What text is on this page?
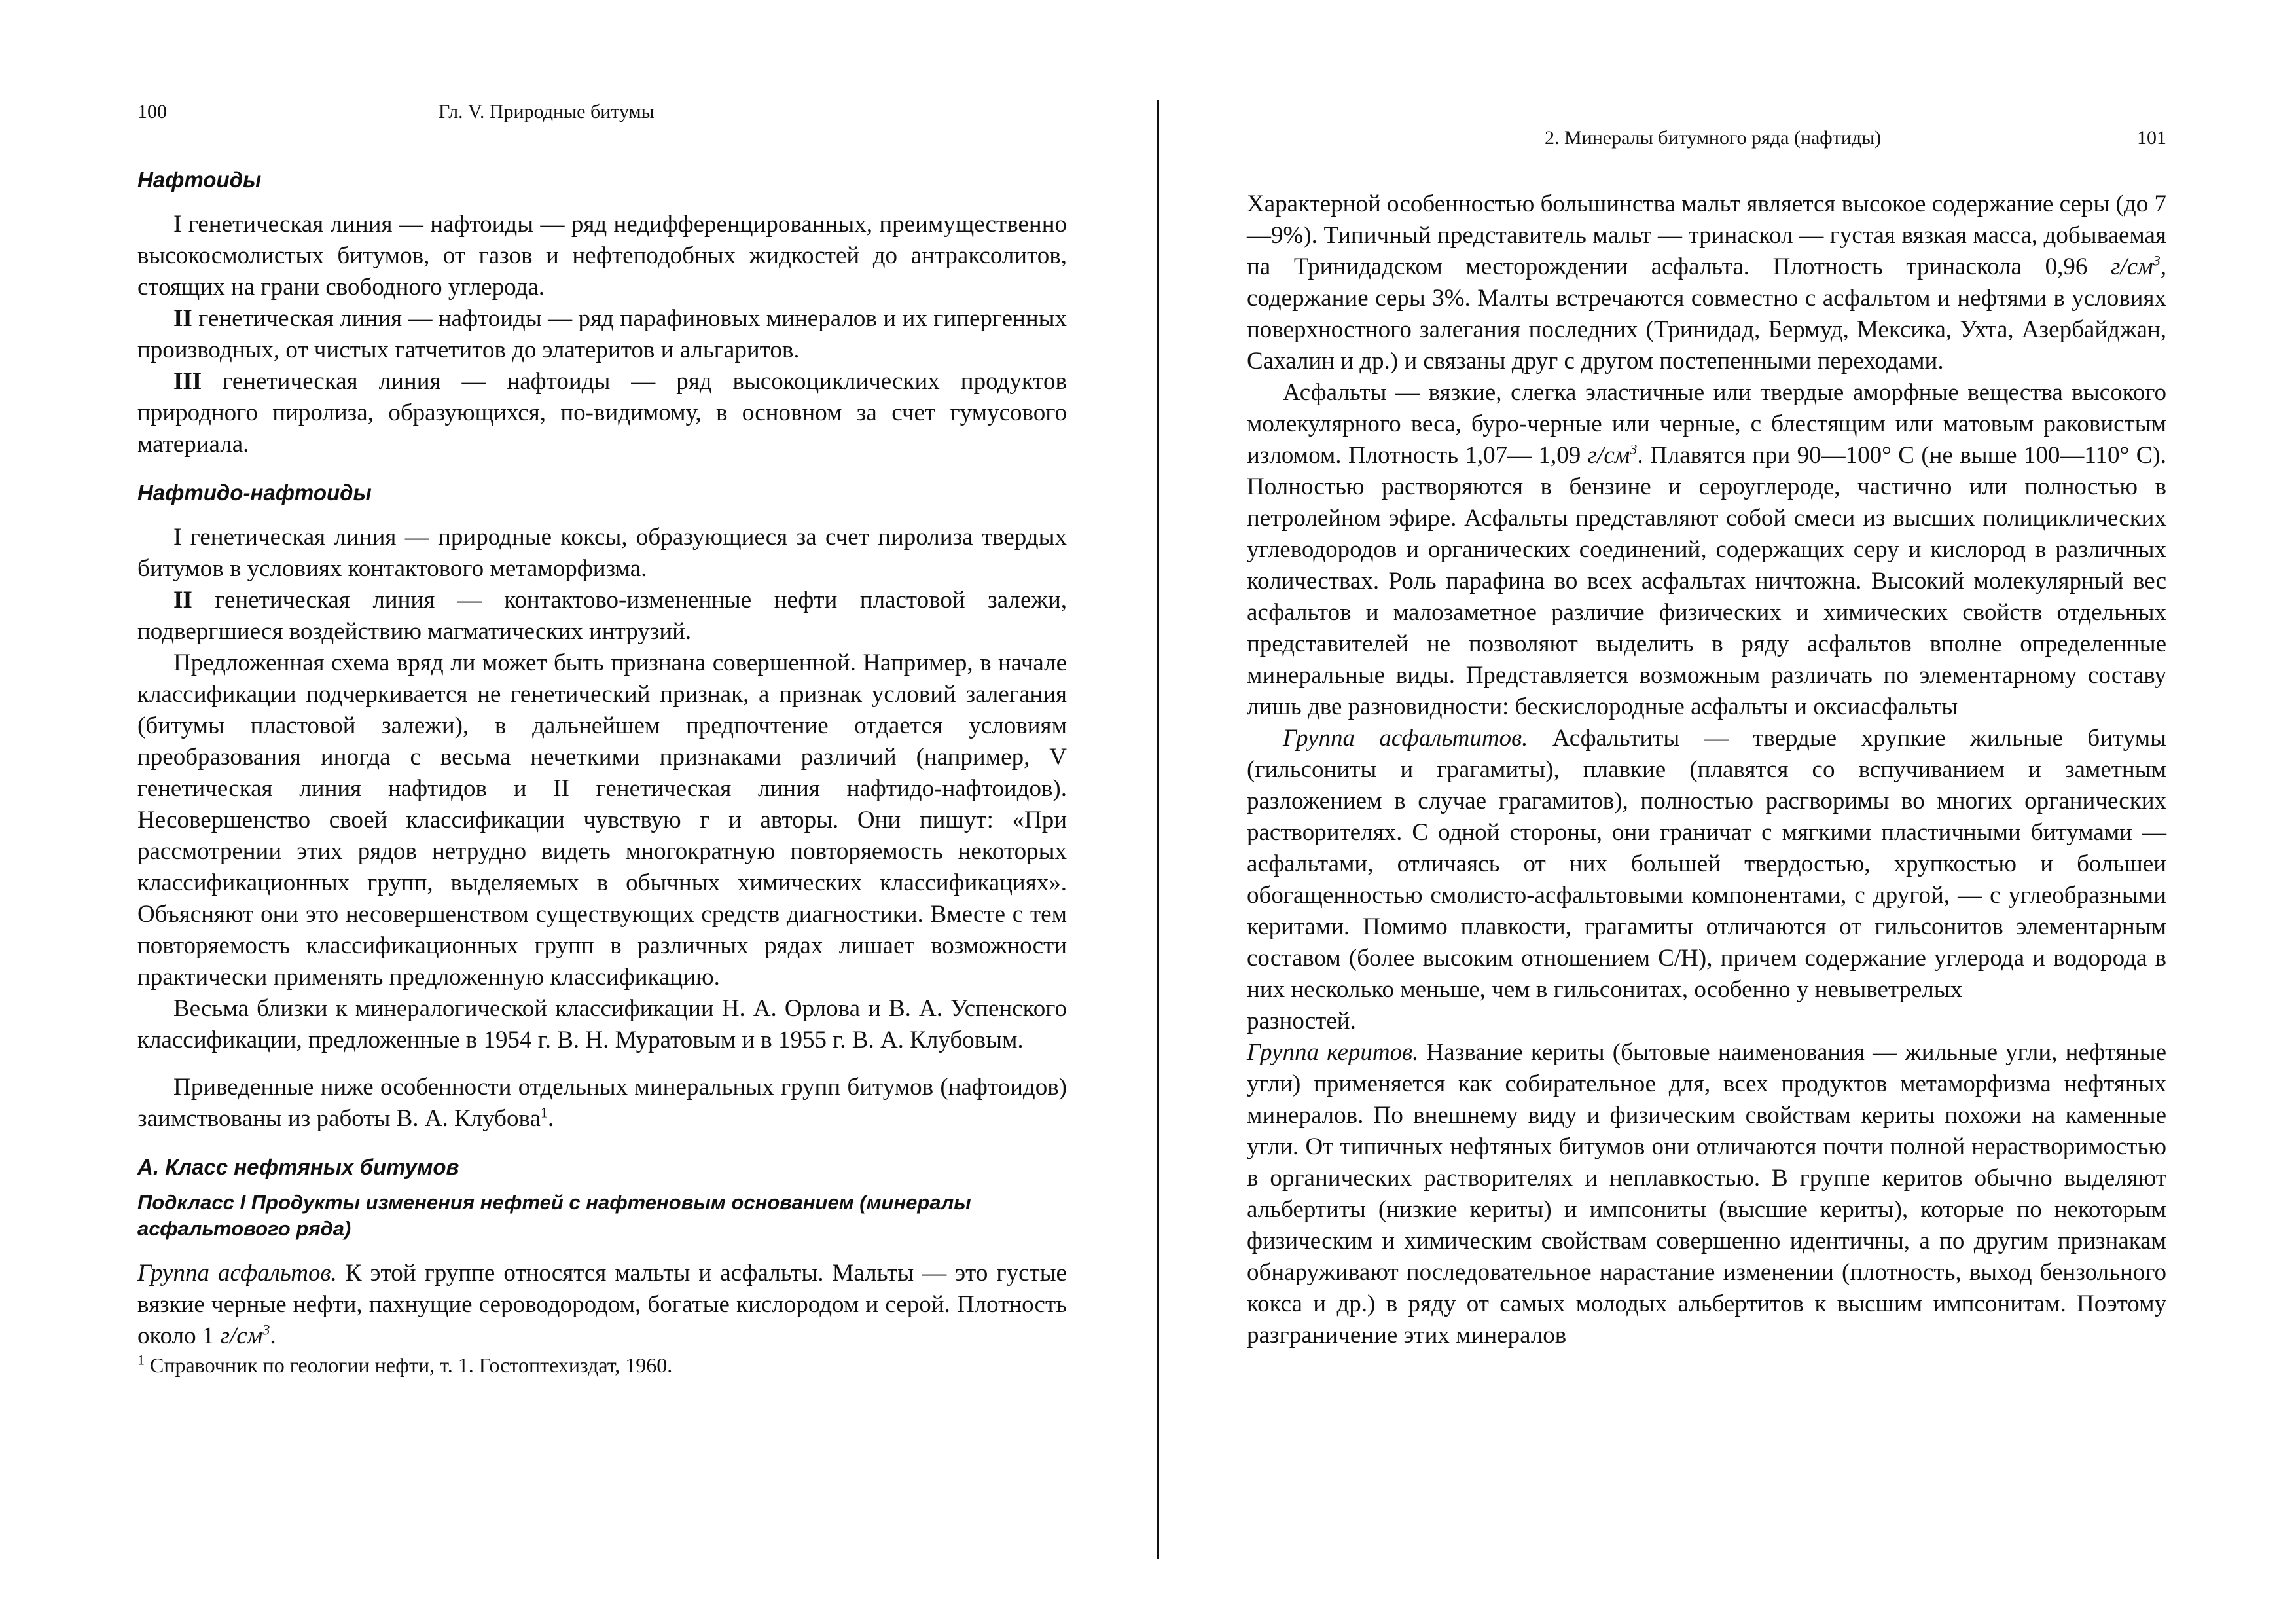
100	Гл. V. Природные битумы
Нафтоиды

I генетическая линия — нафтоиды — ряд недифференцированных, преимущественно высокосмолистых битумов, от газов и нефтеподобных жидкостей до антраксолитов, стоящих на грани свободного углерода.

II генетическая линия — нафтоиды — ряд парафиновых минералов и их гипергенных производных, от чистых гатчетитов до элатеритов и альгаритов.

III генетическая линия — нафтоиды — ряд высокоциклических продуктов природного пиролиза, образующихся, по-видимому, в основном за счет гумусового материала.

Нафтидо-нафтоиды

I генетическая линия — природные коксы, образующиеся за счет пиролиза твердых битумов в условиях контактового метаморфизма.

II генетическая линия — контактово-измененные нефти пластовой залежи, подвергшиеся воздействию магматических интрузий.

Предложенная схема вряд ли может быть признана совершенной. Например, в начале классификации подчеркивается не генетический признак, а признак условий залегания (битумы пластовой залежи), в дальнейшем предпочтение отдается условиям преобразования иногда с весьма нечеткими признаками различий (например, V генетическая линия нафтидов и II генетическая линия нафтидо-нафтоидов). Несовершенство своей классификации чувствую г и авторы. Они пишут: «При рассмотрении этих рядов нетрудно видеть многократную повторяемость некоторых классификационных групп, выделяемых в обычных химических классификациях». Объясняют они это несовершенством существующих средств диагностики. Вместе с тем повторяемость классификационных групп в различных рядах лишает возможности практически применять предложенную классификацию.

Весьма близки к минералогической классификации Н. А. Орлова и В. А. Успенского классификации, предложенные в 1954 г. В. Н. Муратовым и в 1955 г. В. А. Клубовым.

Приведенные ниже особенности отдельных минеральных групп битумов (нафтоидов) заимствованы из работы В. А. Клубова$^1$.

А. Класс нефтяных битумов
Подкласс I Продукты изменения нефтей с нафтеновым основанием (минералы асфальтового ряда)

Группа асфальтов. К этой группе относятся мальты и асфальты. Мальты — это густые вязкие черные нефти, пахнущие сероводородом, богатые кислородом и серой. Плотность около 1 $г/см^3$.

$^1$ Справочник по геологии нефти, т. 1. Гостоптехиздат, 1960.

2. Минералы битумного ряда (нафтиды)	101

Характерной особенностью большинства мальт является высокое содержание серы (до 7—9%). Типичный представитель мальт — тринаскол — густая вязкая масса, добываемая па Тринидадском месторождении асфальта. Плотность тринаскола 0,96 $г/см^3$, содержание серы 3%. Малты встречаются совместно с асфальтом и нефтями в условиях поверхностного залегания последних (Тринидад, Бермуд, Мексика, Ухта, Азербайджан, Сахалин и др.) и связаны друг с другом постепенными переходами.

Асфальты — вязкие, слегка эластичные или твердые аморфные вещества высокого молекулярного веса, буро-черные или черные, с блестящим или матовым раковистым изломом. Плотность 1,07— 1,09 $г/см^3$. Плавятся при 90—100° С (не выше 100—110° С). Полностью растворяются в бензине и сероуглероде, частично или полностью в петролейном эфире. Асфальты представляют собой смеси из высших полициклических углеводородов и органических соединений, содержащих серу и кислород в различных количествах. Роль парафина во всех асфальтах ничтожна. Высокий молекулярный вес асфальтов и малозаметное различие физических и химических свойств отдельных представителей не позволяют выделить в ряду асфальтов вполне определенные минеральные виды. Представляется возможным различать по элементарному составу лишь две разновидности: бескислородные асфальты и оксиасфальты

Группа асфальтитов. Асфальтиты — твердые хрупкие жильные битумы (гильсониты и грагамиты), плавкие (плавятся со вспучиванием и заметным разложением в случае грагамитов), полностью расгворимы во многих органических растворителях. С одной стороны, они граничат с мягкими пластичными битумами — асфальтами, отличаясь от них большей твердостью, хрупкостью и большеи обогащенностью смолисто-асфальтовыми компонентами, с другой, — с углеобразными керитами. Помимо плавкости, грагамиты отличаются от гильсонитов элементарным составом (более высоким отношением С/Н), причем содержание углерода и водорода в них несколько меньше, чем в гильсонитах, особенно у невыветрелых

разностей.

Группа керитов. Название кериты (бытовые наименования — жильные угли, нефтяные угли) применяется как собирательное для, всех продуктов метаморфизма нефтяных минералов. По внешнему виду и физическим свойствам кериты похожи на каменные угли. От типичных нефтяных битумов они отличаются почти полной нерастворимостью в органических растворителях и неплавкостью. В группе керитов обычно выделяют альбертиты (низкие кериты) и импсониты (высшие кериты), которые по некоторым физическим и химическим свойствам совершенно идентичны, а по другим признакам обнаруживают последовательное нарастание изменении (плотность, выход бензольного кокса и др.) в ряду от самых молодых альбертитов к высшим импсонитам. Поэтому разграничение этих минералов
